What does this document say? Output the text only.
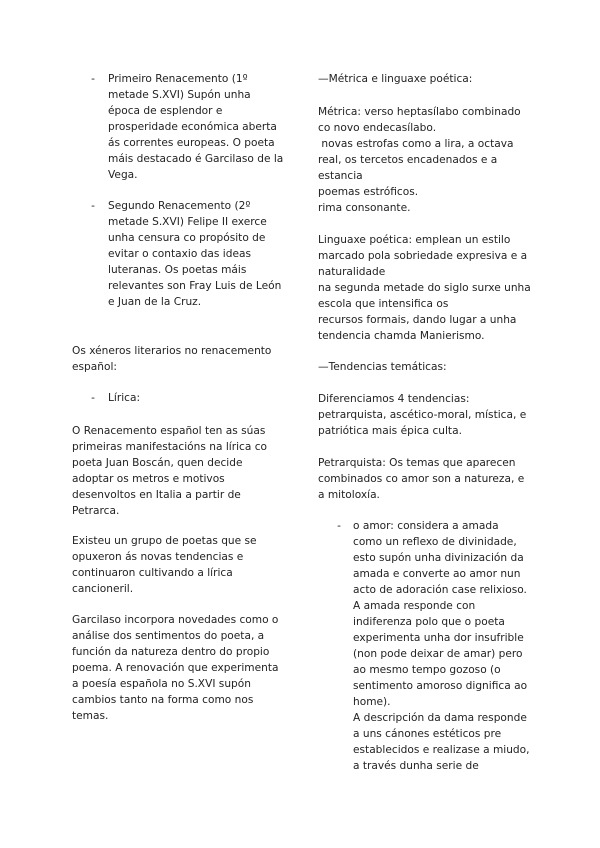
- Primeiro Renacemento (1º
metade S.XVI) Supón unha
época de esplendor e
prosperidade económica aberta
ás correntes europeas. O poeta
máis destacado é Garcilaso de la
Vega.
- Segundo Renacemento (2º
metade S.XVI) Felipe II exerce
unha censura co propósito de
evitar o contaxio das ideas
luteranas. Os poetas máis
relevantes son Fray Luis de León
e Juan de la Cruz.
Os xéneros literarios no renacemento
español:
- Lírica:
O Renacemento español ten as súas
primeiras manifestacións na lírica co
poeta Juan Boscán, quen decide
adoptar os metros e motivos
desenvoltos en Italia a partir de
Petrarca.
Existeu un grupo de poetas que se
opuxeron ás novas tendencias e
continuaron cultivando a lírica
cancioneril.
Garcilaso incorpora novedades como o
análise dos sentimentos do poeta, a
función da natureza dentro do propio
poema. A renovación que experimenta
a poesía española no S.XVI supón
cambios tanto na forma como nos
temas.
—Métrica e linguaxe poética:
Métrica: verso heptasílabo combinado
co novo endecasílabo.
novas estrofas como a lira, a octava
real, os tercetos encadenados e a
estancia
poemas estróficos.
rima consonante.
Linguaxe poética: emplean un estilo
marcado pola sobriedade expresiva e a
naturalidade
na segunda metade do siglo surxe unha
escola que intensifica os
recursos formais, dando lugar a unha
tendencia chamda Manierismo.
—Tendencias temáticas:
Diferenciamos 4 tendencias:
petrarquista, ascético-moral, mística, e
patriótica mais épica culta.
Petrarquista: Os temas que aparecen
combinados co amor son a natureza, e
a mitoloxía.
- o amor: considera a amada
como un reflexo de divinidade,
esto supón unha divinización da
amada e converte ao amor nun
acto de adoración case relixioso.
A amada responde con
indiferenza polo que o poeta
experimenta unha dor insufrible
(non pode deixar de amar) pero
ao mesmo tempo gozoso (o
sentimento amoroso dignifica ao
home).
A descripción da dama responde
a uns cánones estéticos pre
establecidos e realizase a miudo,
a través dunha serie de
